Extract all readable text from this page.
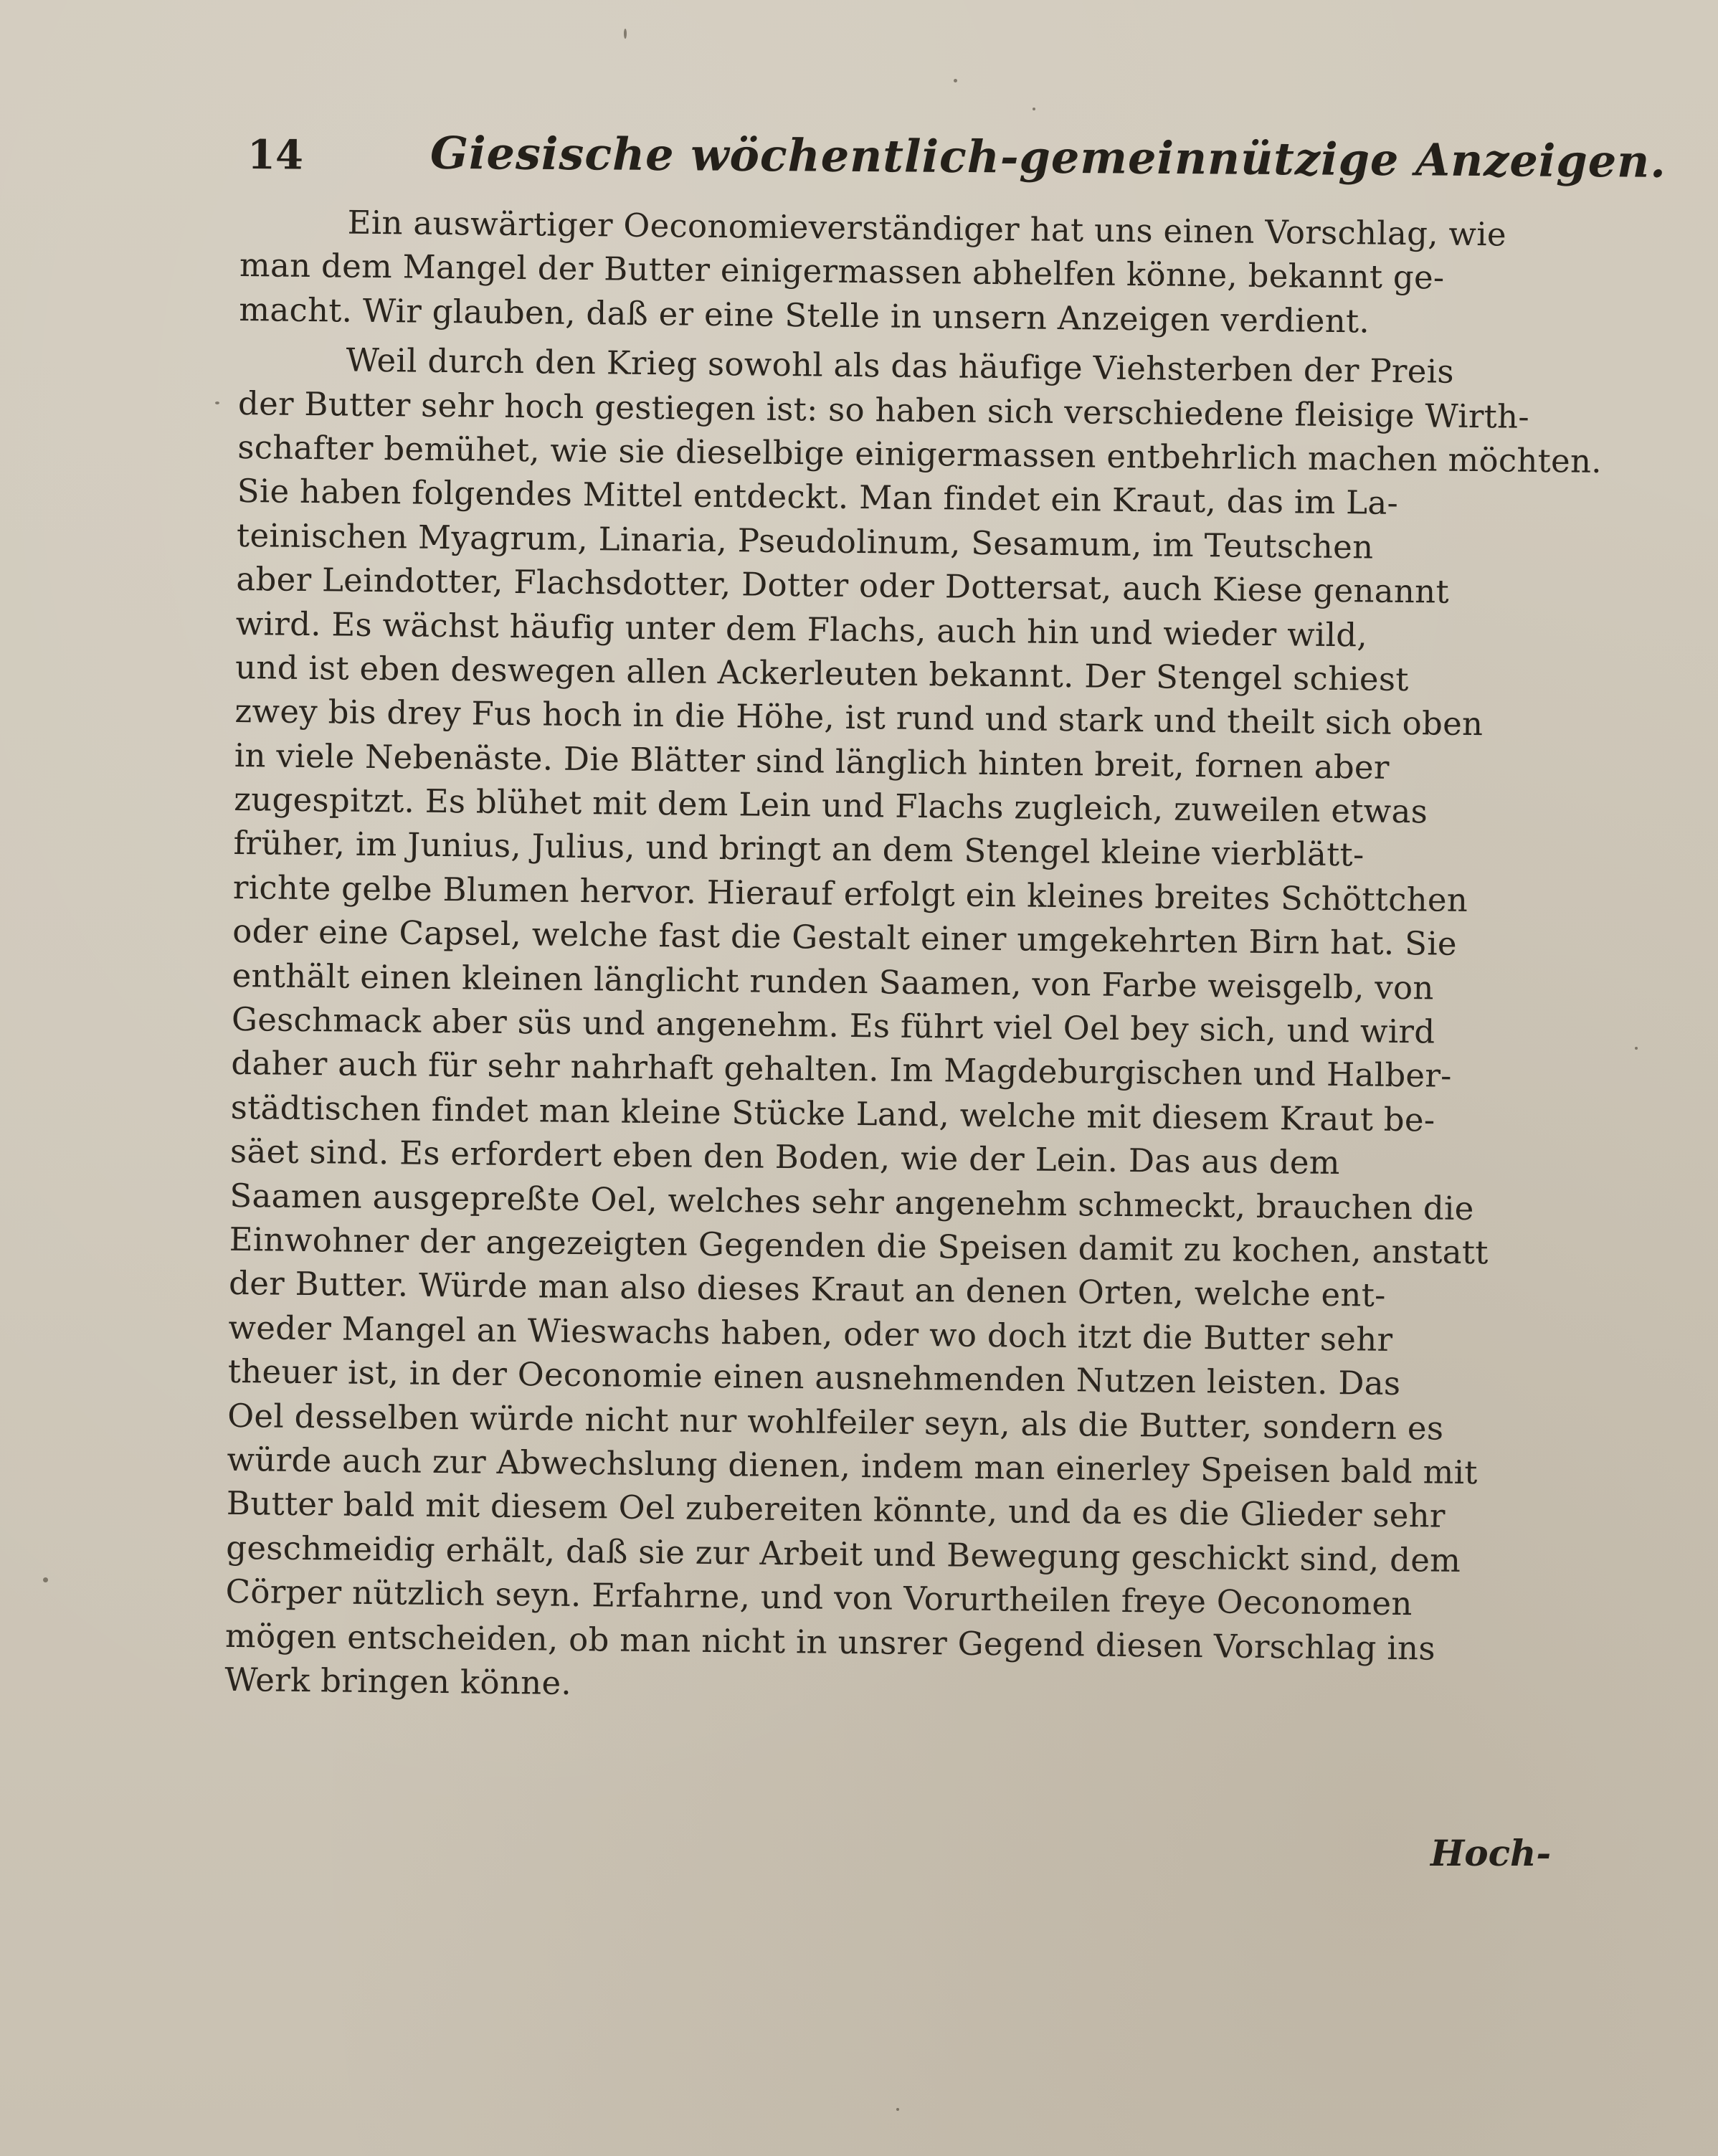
14	Giesische wöchentlich-gemeinnützige Anzeigen.
Ein auswärtiger Oeconomieverständiger hat uns einen Vorschlag, wie
man dem Mangel der Butter einigermassen abhelfen könne, bekannt ge-
macht. Wir glauben, daß er eine Stelle in unsern Anzeigen verdient.
Weil durch den Krieg sowohl als das häufige Viehsterben der Preis
der Butter sehr hoch gestiegen ist: so haben sich verschiedene fleisige Wirth-
schafter bemühet, wie sie dieselbige einigermassen entbehrlich machen möchten.
Sie haben folgendes Mittel entdeckt. Man findet ein Kraut, das im La-
teinischen Myagrum, Linaria, Pseudolinum, Sesamum, im Teutschen
aber Leindotter, Flachsdotter, Dotter oder Dottersat, auch Kiese genannt
wird. Es wächst häufig unter dem Flachs, auch hin und wieder wild,
und ist eben deswegen allen Ackerleuten bekannt. Der Stengel schiest
zwey bis drey Fus hoch in die Höhe, ist rund und stark und theilt sich oben
in viele Nebenäste. Die Blätter sind länglich hinten breit, fornen aber
zugespitzt. Es blühet mit dem Lein und Flachs zugleich, zuweilen etwas
früher, im Junius, Julius, und bringt an dem Stengel kleine vierblätt-
richte gelbe Blumen hervor. Hierauf erfolgt ein kleines breites Schöttchen
oder eine Capsel, welche fast die Gestalt einer umgekehrten Birn hat. Sie
enthält einen kleinen länglicht runden Saamen, von Farbe weisgelb, von
Geschmack aber süs und angenehm. Es führt viel Oel bey sich, und wird
daher auch für sehr nahrhaft gehalten. Im Magdeburgischen und Halber-
städtischen findet man kleine Stücke Land, welche mit diesem Kraut be-
säet sind. Es erfordert eben den Boden, wie der Lein. Das aus dem
Saamen ausgepreßte Oel, welches sehr angenehm schmeckt, brauchen die
Einwohner der angezeigten Gegenden die Speisen damit zu kochen, anstatt
der Butter. Würde man also dieses Kraut an denen Orten, welche ent-
weder Mangel an Wieswachs haben, oder wo doch itzt die Butter sehr
theuer ist, in der Oeconomie einen ausnehmenden Nutzen leisten. Das
Oel desselben würde nicht nur wohlfeiler seyn, als die Butter, sondern es
würde auch zur Abwechslung dienen, indem man einerley Speisen bald mit
Butter bald mit diesem Oel zubereiten könnte, und da es die Glieder sehr
geschmeidig erhält, daß sie zur Arbeit und Bewegung geschickt sind, dem
Cörper nützlich seyn. Erfahrne, und von Vorurtheilen freye Oeconomen
mögen entscheiden, ob man nicht in unsrer Gegend diesen Vorschlag ins
Werk bringen könne.
Hoch-
